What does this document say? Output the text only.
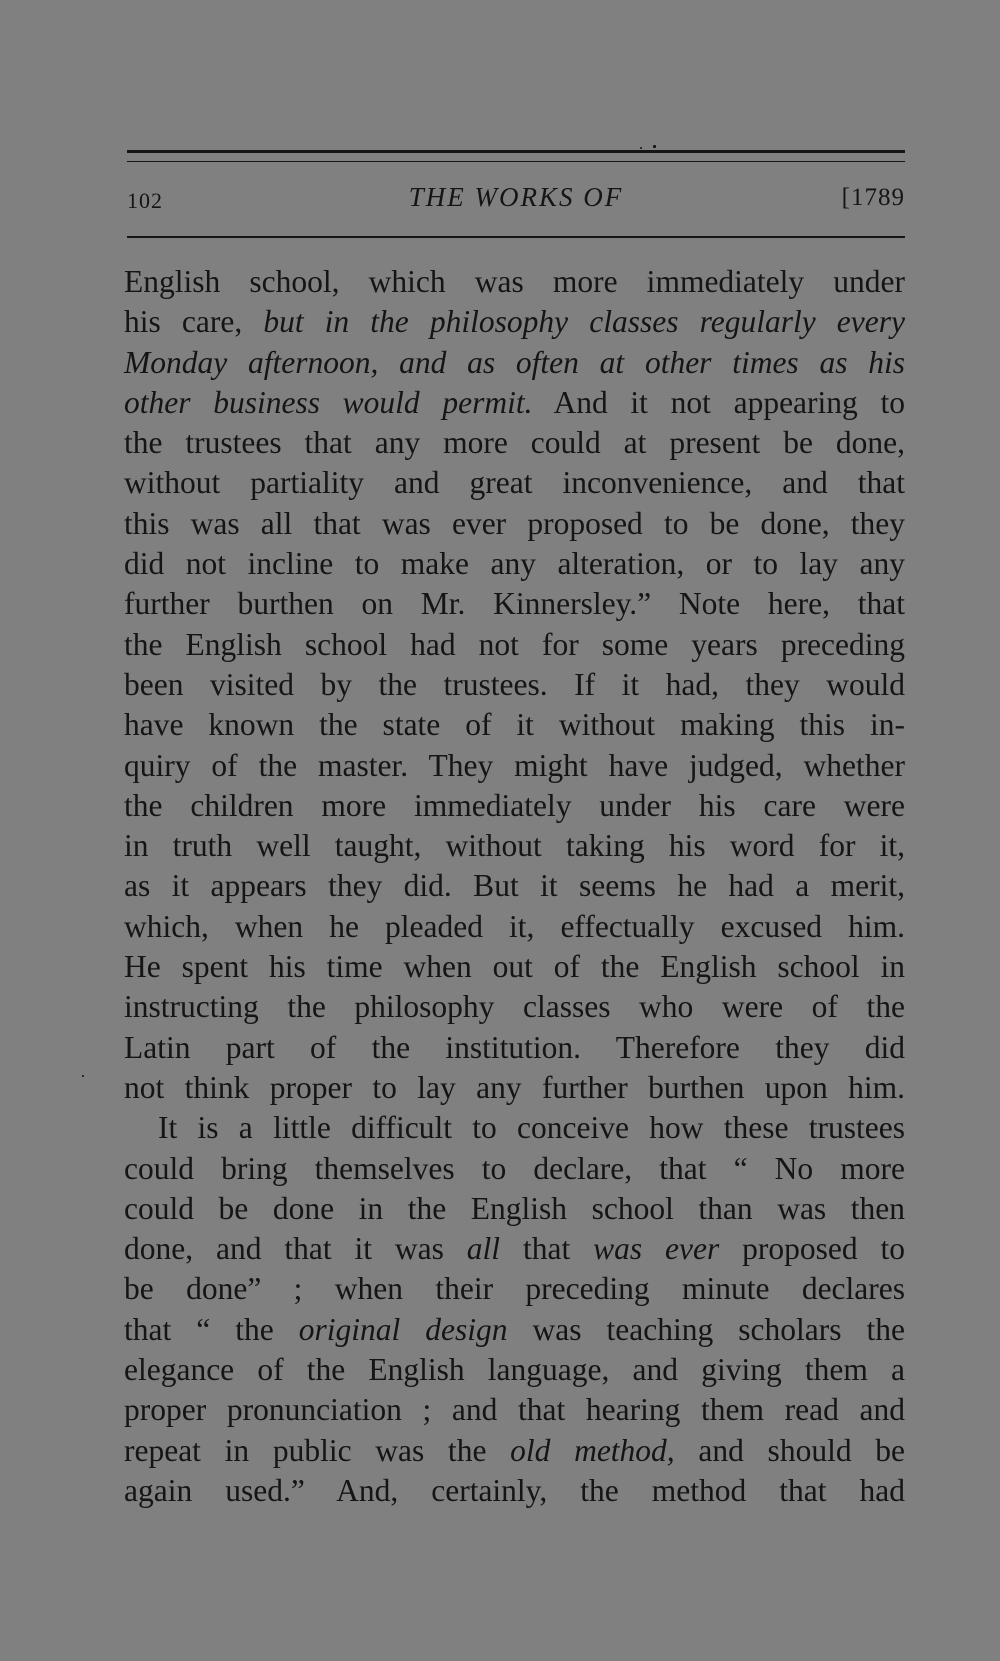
102	THE WORKS OF	[1789
English school, which was more immediately under
his care, but in the philosophy classes regularly every
Monday afternoon, and as often at other times as his
other business would permit. And it not appearing to
the trustees that any more could at present be done,
without partiality and great inconvenience, and that
this was all that was ever proposed to be done, they
did not incline to make any alteration, or to lay any
further burthen on Mr. Kinnersley.” Note here, that
the English school had not for some years preceding
been visited by the trustees. If it had, they would
have known the state of it without making this in-
quiry of the master. They might have judged, whether
the children more immediately under his care were
in truth well taught, without taking his word for it,
as it appears they did. But it seems he had a merit,
which, when he pleaded it, effectually excused him.
He spent his time when out of the English school in
instructing the philosophy classes who were of the
Latin part of the institution. Therefore they did
not think proper to lay any further burthen upon him.
It is a little difficult to conceive how these trustees
could bring themselves to declare, that “ No more
could be done in the English school than was then
done, and that it was all that was ever proposed to
be done” ; when their preceding minute declares
that “ the original design was teaching scholars the
elegance of the English language, and giving them a
proper pronunciation ; and that hearing them read and
repeat in public was the old method, and should be
again used.” And, certainly, the method that had
